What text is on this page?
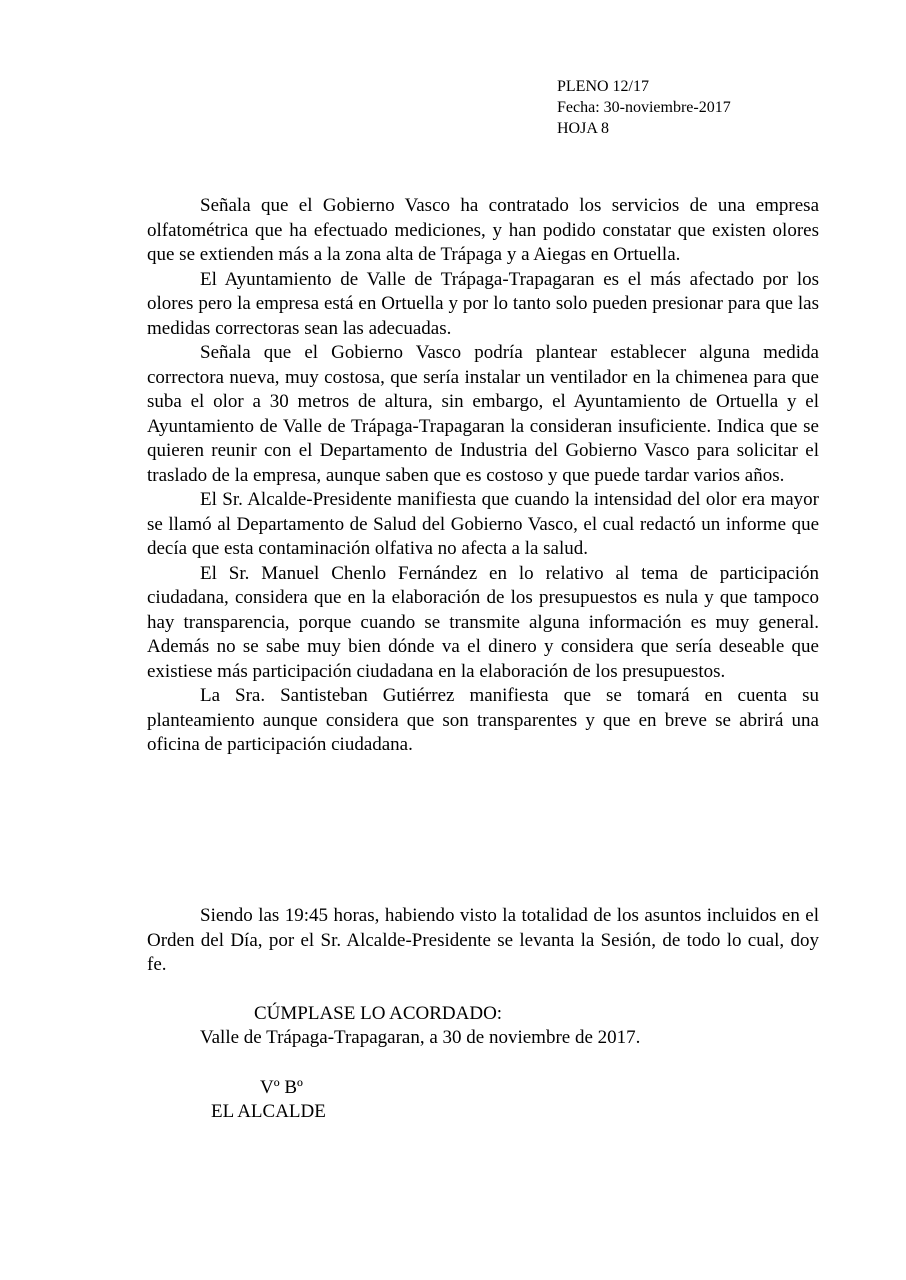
PLENO 12/17
Fecha: 30-noviembre-2017
HOJA 8

Señala que el Gobierno Vasco ha contratado los servicios de una empresa olfatométrica que ha efectuado mediciones, y han podido constatar que existen olores que se extienden más a la zona alta de Trápaga y a Aiegas en Ortuella.

El Ayuntamiento de Valle de Trápaga-Trapagaran es el más afectado por los olores pero la empresa está en Ortuella y por lo tanto solo pueden presionar para que las medidas correctoras sean las adecuadas.

Señala que el Gobierno Vasco podría plantear establecer alguna medida correctora nueva, muy costosa, que sería instalar un ventilador en la chimenea para que suba el olor a 30 metros de altura, sin embargo, el Ayuntamiento de Ortuella y el Ayuntamiento de Valle de Trápaga-Trapagaran la consideran insuficiente. Indica que se quieren reunir con el Departamento de Industria del Gobierno Vasco para solicitar el traslado de la empresa, aunque saben que es costoso y que puede tardar varios años.

El Sr. Alcalde-Presidente manifiesta que cuando la intensidad del olor era mayor se llamó al Departamento de Salud del Gobierno Vasco, el cual redactó un informe que decía que esta contaminación olfativa no afecta a la salud.

El Sr. Manuel Chenlo Fernández en lo relativo al tema de participación ciudadana, considera que en la elaboración de los presupuestos es nula y que tampoco hay transparencia, porque cuando se transmite alguna información es muy general. Además no se sabe muy bien dónde va el dinero y considera que sería deseable que existiese más participación ciudadana en la elaboración de los presupuestos.

La Sra. Santisteban Gutiérrez manifiesta que se tomará en cuenta su planteamiento aunque considera que son transparentes y que en breve se abrirá una oficina de participación ciudadana.

Siendo las 19:45 horas, habiendo visto la totalidad de los asuntos incluidos en el Orden del Día, por el Sr. Alcalde-Presidente se levanta la Sesión, de todo lo cual, doy fe.

CÚMPLASE LO ACORDADO:
Valle de Trápaga-Trapagaran, a 30 de noviembre de 2017.
Vº Bº
EL ALCALDE
